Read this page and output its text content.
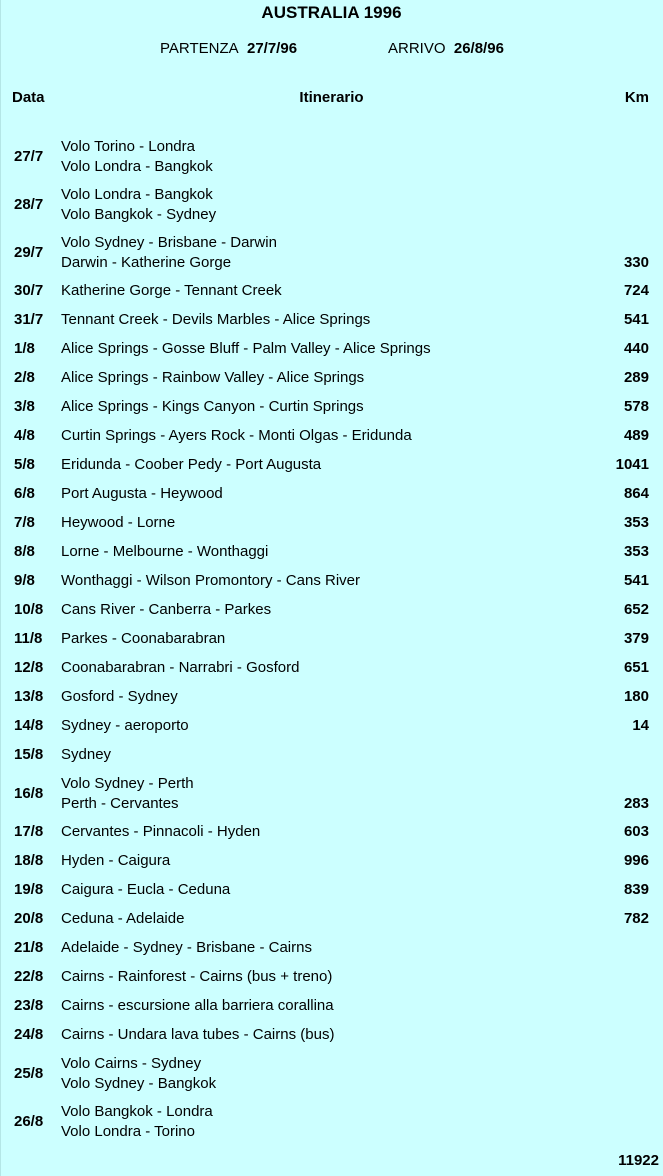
AUSTRALIA 1996
PARTENZA 27/7/96	ARRIVO 26/8/96
Data	Itinerario	Km
27/7
Volo Torino - Londra
Volo Londra - Bangkok
28/7
Volo Londra - Bangkok
Volo Bangkok - Sydney
29/7
Volo Sydney - Brisbane - Darwin
Darwin - Katherine Gorge	330
30/7 Katherine Gorge - Tennant Creek	724
31/7 Tennant Creek - Devils Marbles - Alice Springs	541
1/8 Alice Springs - Gosse Bluff - Palm Valley - Alice Springs	440
2/8 Alice Springs - Rainbow Valley - Alice Springs	289
3/8 Alice Springs - Kings Canyon - Curtin Springs	578
4/8 Curtin Springs - Ayers Rock - Monti Olgas - Eridunda	489
5/8 Eridunda - Coober Pedy - Port Augusta	1041
6/8 Port Augusta - Heywood	864
7/8 Heywood - Lorne	353
8/8 Lorne - Melbourne - Wonthaggi	353
9/8 Wonthaggi - Wilson Promontory - Cans River	541
10/8 Cans River - Canberra - Parkes	652
11/8 Parkes - Coonabarabran	379
12/8 Coonabarabran - Narrabri - Gosford	651
13/8 Gosford - Sydney	180
14/8 Sydney - aeroporto	14
15/8 Sydney
16/8
Volo Sydney - Perth
Perth - Cervantes	283
17/8 Cervantes - Pinnacoli - Hyden	603
18/8 Hyden - Caigura	996
19/8 Caigura - Eucla - Ceduna	839
20/8 Ceduna - Adelaide	782
21/8 Adelaide - Sydney - Brisbane - Cairns
22/8 Cairns - Rainforest - Cairns (bus + treno)
23/8 Cairns - escursione alla barriera corallina
24/8 Cairns - Undara lava tubes - Cairns (bus)
25/8
Volo Cairns - Sydney
Volo Sydney - Bangkok
26/8
Volo Bangkok - Londra
Volo Londra - Torino
11922
